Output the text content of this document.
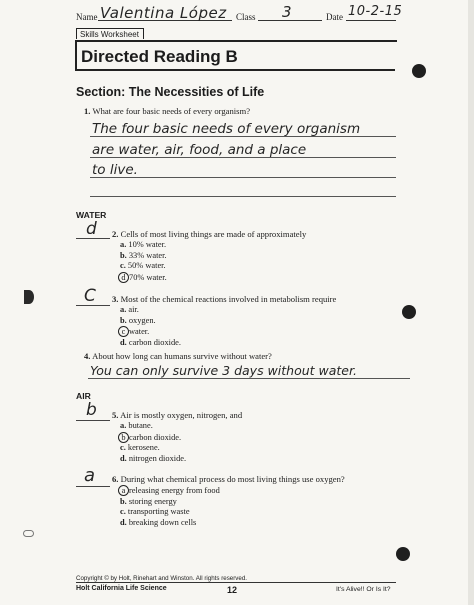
Name Valentina López Class 3	Date 10-2-15
Skills Worksheet
Directed Reading B
Section: The Necessities of Life
1. What are four basic needs of every organism?
The four basic needs of every organism
are water, air, food, and a place
to live.
WATER
d 2. Cells of most living things are made of approximately
a. 10% water.
b. 33% water.
c. 50% water.
d 70% water.
C 3. Most of the chemical reactions involved in metabolism require
a. air.
b. oxygen.
c water.
d. carbon dioxide.
4. About how long can humans survive without water?
You can only survive 3 days without water.
AIR
b 5. Air is mostly oxygen, nitrogen, and
a. butane.
b carbon dioxide.
c. kerosene.
d. nitrogen dioxide.
a 6. During what chemical process do most living things use oxygen?
a releasing energy from food
b. storing energy
c. transporting waste
d. breaking down cells
Copyright © by Holt, Rinehart and Winston. All rights reserved.
Holt California Life Science	12	It's Alive!! Or Is It?
